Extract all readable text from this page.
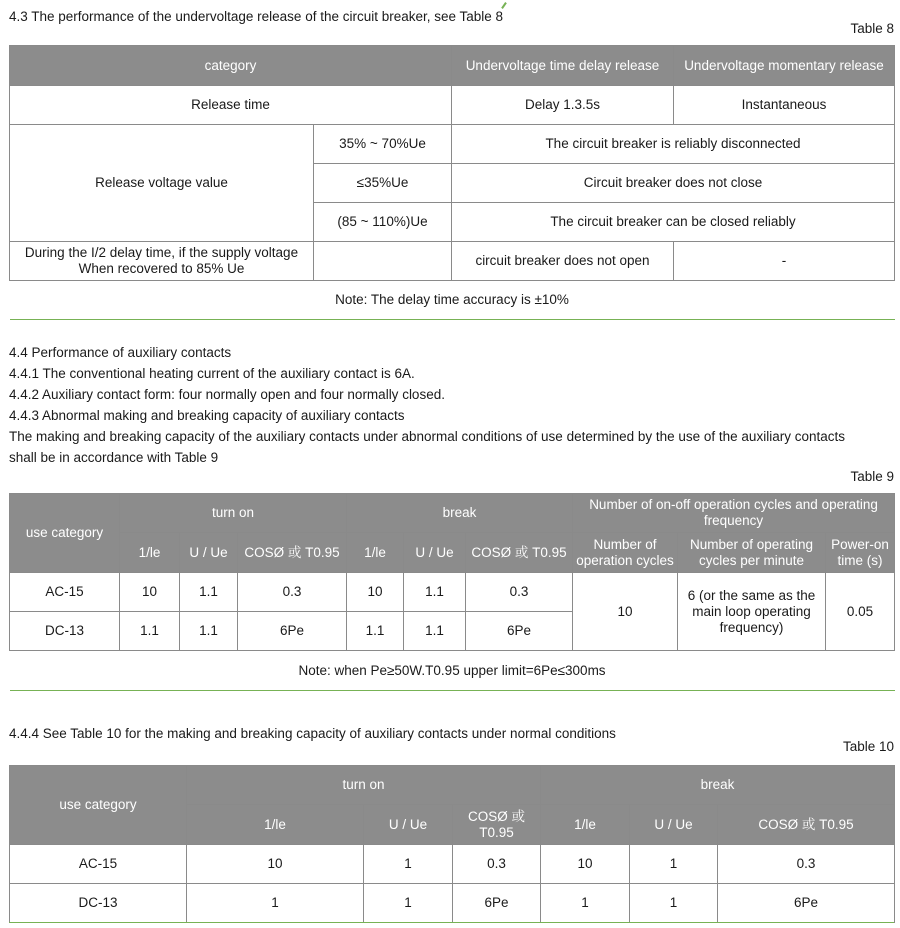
4.3 The performance of the undervoltage release of the circuit breaker, see Table 8
Table 8
category		Undervoltage time delay release	Undervoltage momentary release
Release time		Delay 1.3.5s	Instantaneous
Release voltage value	35% ~ 70%Ue	The circuit breaker is reliably disconnected	
	≤35%Ue	Circuit breaker does not close	
	(85 ~ 110%)Ue	The circuit breaker can be closed reliably	
During the I/2 delay time, if the supply voltage
When recovered to 85% Ue		circuit breaker does not open	-
Note: The delay time accuracy is ±10%			
4.4 Performance of auxiliary contacts
4.4.1 The conventional heating current of the auxiliary contact is 6A.
4.4.2 Auxiliary contact form: four normally open and four normally closed.
4.4.3 Abnormal making and breaking capacity of auxiliary contacts
The making and breaking capacity of the auxiliary contacts under abnormal conditions of use determined by the use of the auxiliary contacts
shall be in accordance with Table 9
Table 9
use category	turn on			break			Number of on-off operation cycles and operating frequency		
	1/le	U / Ue	COSØ 或 T0.95	1/le	U / Ue	COSØ 或 T0.95	Number of operation cycles	Number of operating cycles per minute	Power-on time (s)
AC-15	10	1.1	0.3	10	1.1	0.3	10	6 (or the same as the main loop operating frequency)	0.05
DC-13	1.1	1.1	6Pe	1.1	1.1	6Pe			
Note: when Pe≥50W.T0.95 upper limit=6Pe≤300ms									
4.4.4 See Table 10 for the making and breaking capacity of auxiliary contacts under normal conditions
Table 10
use category	turn on			break		
	1/le	U / Ue	COSØ 或 T0.95	1/le	U / Ue	COSØ 或 T0.95
AC-15	10	1	0.3	10	1	0.3
DC-13	1	1	6Pe	1	1	6Pe
